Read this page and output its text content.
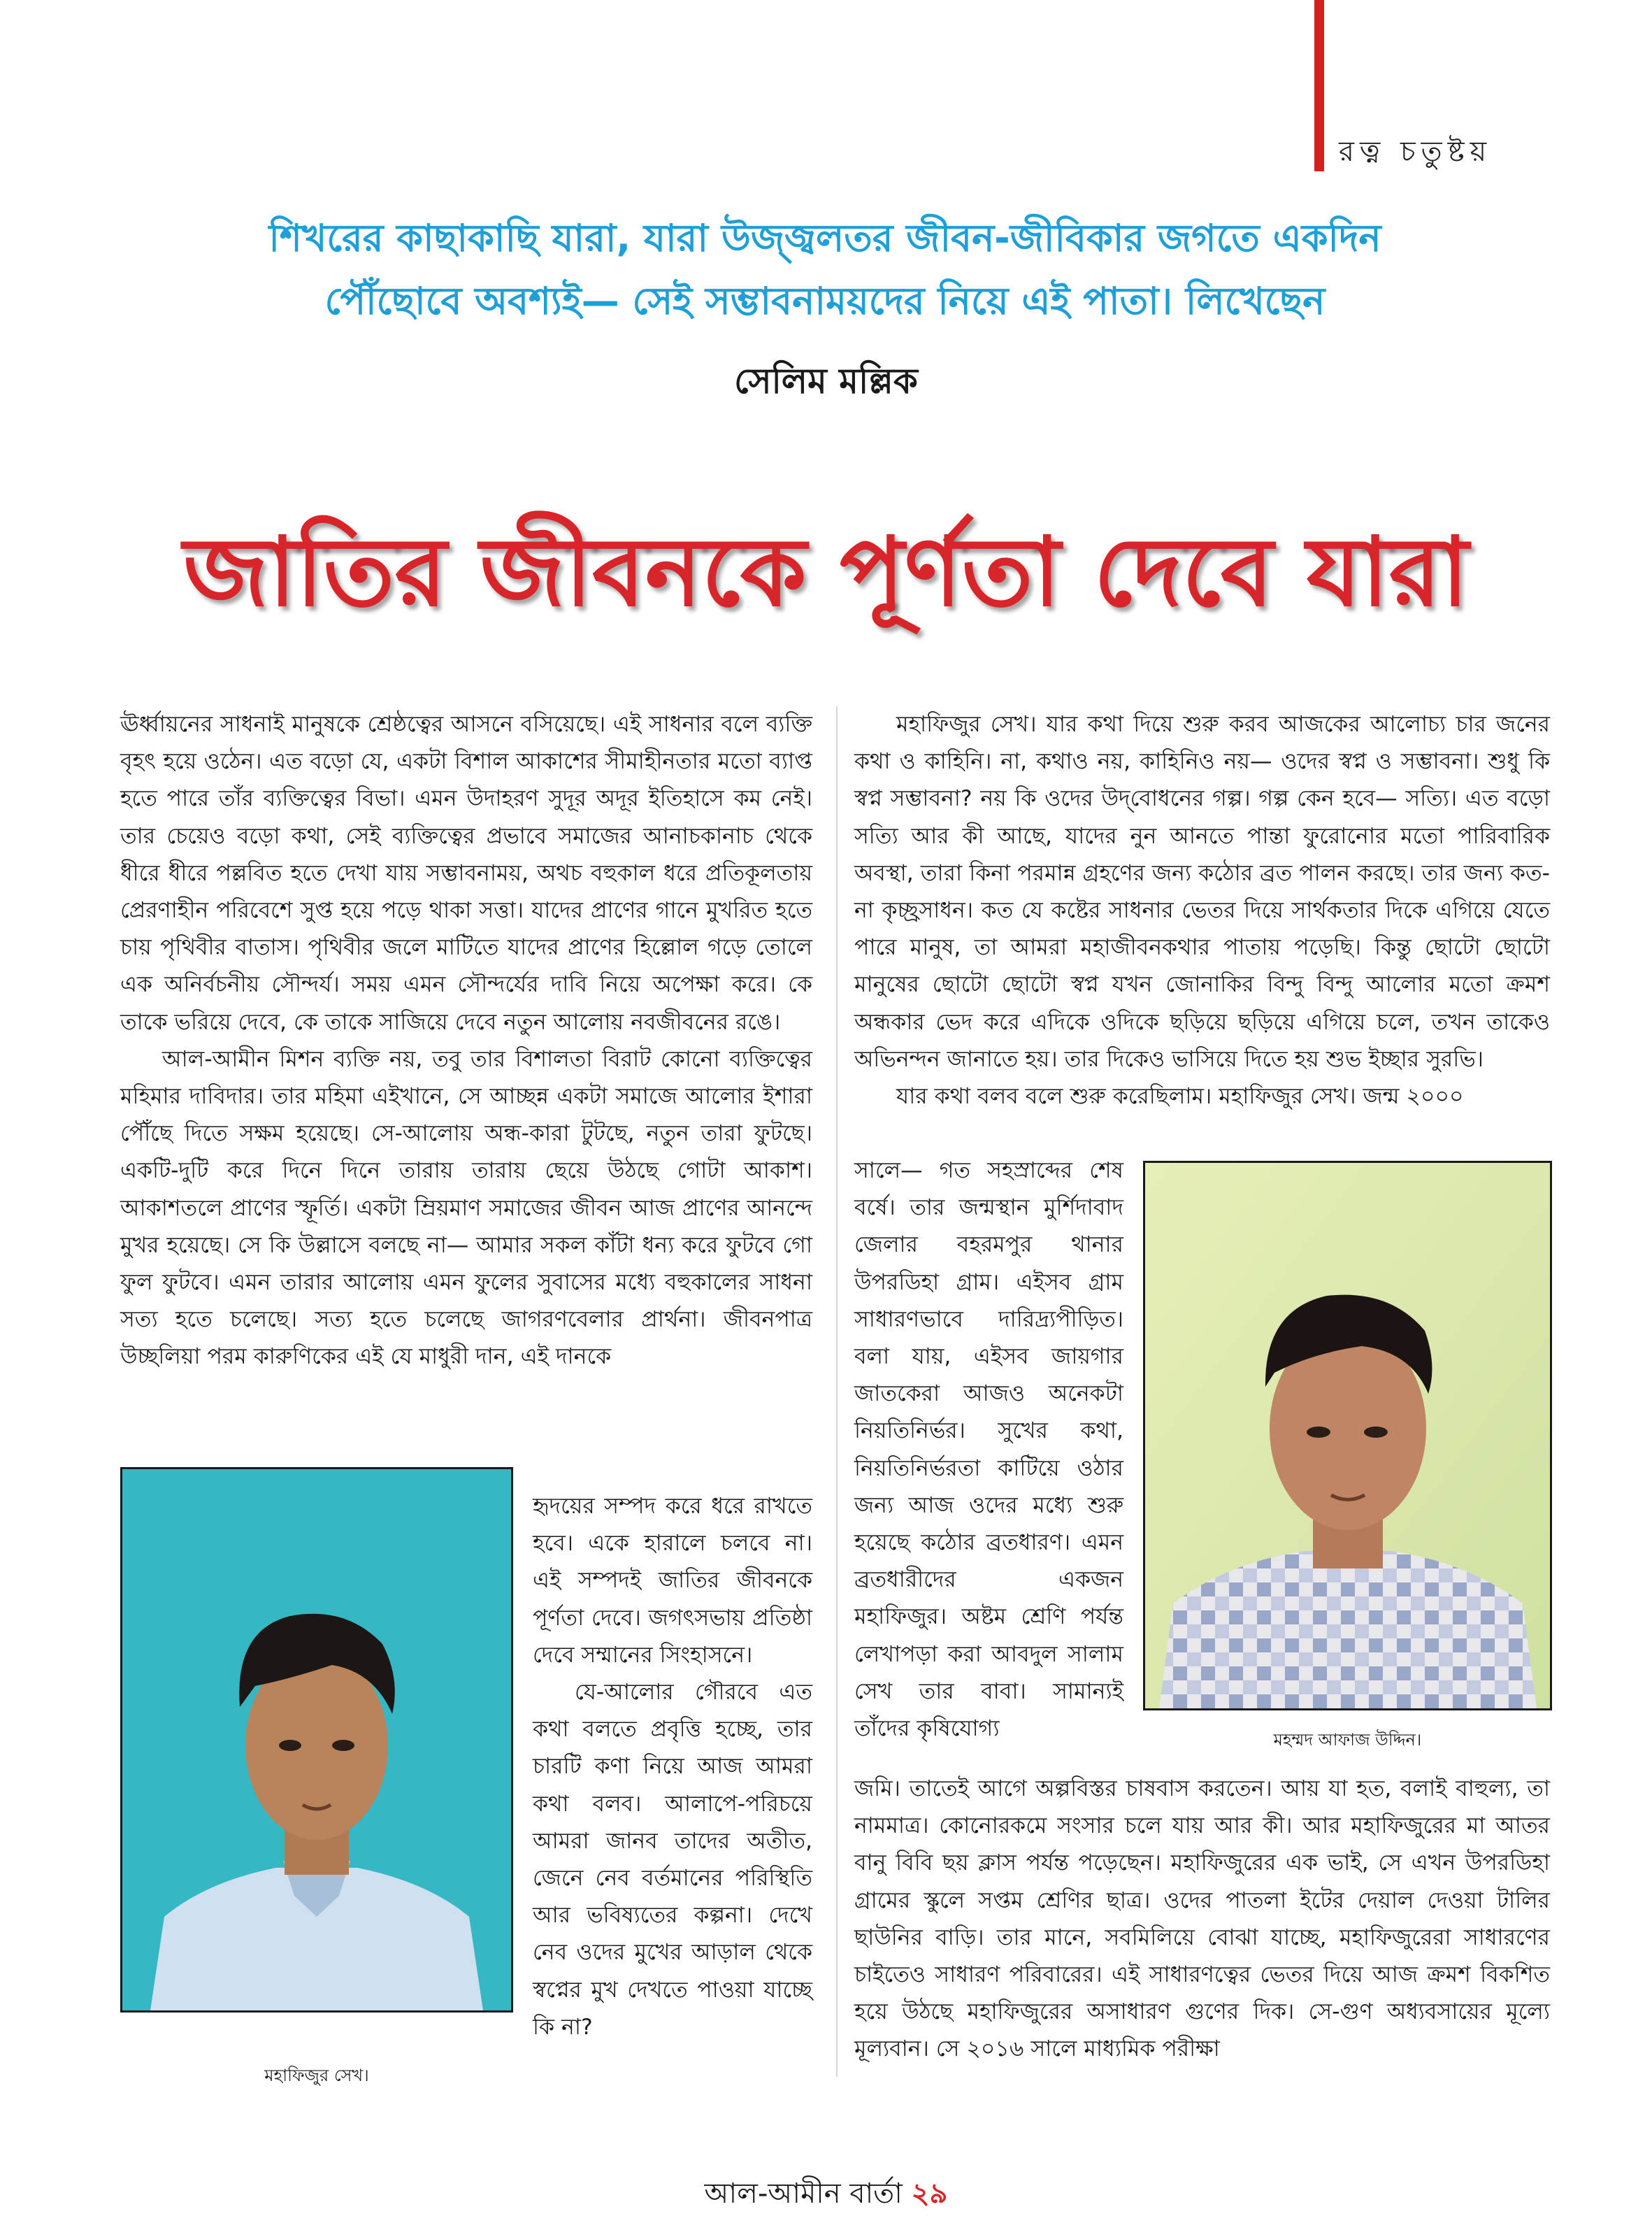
রত্ন চতুষ্টয়
শিখরের কাছাকাছি যারা, যারা উজ্জ্বলতর জীবন-জীবিকার জগতে একদিন
পৌঁছোবে অবশ্যই— সেই সম্ভাবনাময়দের নিয়ে এই পাতা। লিখেছেন
সেলিম মল্লিক
জাতির জীবনকে পূর্ণতা দেবে যারা

ঊর্ধ্বায়নের সাধনাই মানুষকে শ্রেষ্ঠত্বের আসনে বসিয়েছে। এই সাধনার বলে ব্যক্তি বৃহৎ হয়ে ওঠেন। এত বড়ো যে, একটা বিশাল আকাশের সীমাহীনতার মতো ব্যাপ্ত হতে পারে তাঁর ব্যক্তিত্বের বিভা। এমন উদাহরণ সুদূর অদূর ইতিহাসে কম নেই। তার চেয়েও বড়ো কথা, সেই ব্যক্তিত্বের প্রভাবে সমাজের আনাচকানাচ থেকে ধীরে ধীরে পল্লবিত হতে দেখা যায় সম্ভাবনাময়, অথচ বহুকাল ধরে প্রতিকূলতায় প্রেরণাহীন পরিবেশে সুপ্ত হয়ে পড়ে থাকা সত্তা। যাদের প্রাণের গানে মুখরিত হতে চায় পৃথিবীর বাতাস। পৃথিবীর জলে মাটিতে যাদের প্রাণের হিল্লোল গড়ে তোলে এক অনির্বচনীয় সৌন্দর্য। সময় এমন সৌন্দর্যের দাবি নিয়ে অপেক্ষা করে। কে তাকে ভরিয়ে দেবে, কে তাকে সাজিয়ে দেবে নতুন আলোয় নবজীবনের রঙে।

আল-আমীন মিশন ব্যক্তি নয়, তবু তার বিশালতা বিরাট কোনো ব্যক্তিত্বের মহিমার দাবিদার। তার মহিমা এইখানে, সে আচ্ছন্ন একটা সমাজে আলোর ইশারা পৌঁছে দিতে সক্ষম হয়েছে। সে-আলোয় অন্ধ-কারা টুটছে, নতুন তারা ফুটছে। একটি-দুটি করে দিনে দিনে তারায় তারায় ছেয়ে উঠছে গোটা আকাশ। আকাশতলে প্রাণের স্ফূর্তি। একটা ম্রিয়মাণ সমাজের জীবন আজ প্রাণের আনন্দে মুখর হয়েছে। সে কি উল্লাসে বলছে না— আমার সকল কাঁটা ধন্য করে ফুটবে গো ফুল ফুটবে। এমন তারার আলোয় এমন ফুলের সুবাসের মধ্যে বহুকালের সাধনা সত্য হতে চলেছে। সত্য হতে চলেছে জাগরণবেলার প্রার্থনা। জীবনপাত্র উচ্ছলিয়া পরম কারুণিকের এই যে মাধুরী দান, এই দানকে

মহাফিজুর সেখ।

হৃদয়ের সম্পদ করে ধরে রাখতে হবে। একে হারালে চলবে না। এই সম্পদই জাতির জীবনকে পূর্ণতা দেবে। জগৎসভায় প্রতিষ্ঠা দেবে সম্মানের সিংহাসনে।

যে-আলোর গৌরবে এত কথা বলতে প্রবৃত্তি হচ্ছে, তার চারটি কণা নিয়ে আজ আমরা কথা বলব। আলাপে-পরিচয়ে আমরা জানব তাদের অতীত, জেনে নেব বর্তমানের পরিস্থিতি আর ভবিষ্যতের কল্পনা। দেখে নেব ওদের মুখের আড়াল থেকে স্বপ্নের মুখ দেখতে পাওয়া যাচ্ছে কি না?

মহাফিজুর সেখ। যার কথা দিয়ে শুরু করব আজকের আলোচ্য চার জনের কথা ও কাহিনি। না, কথাও নয়, কাহিনিও নয়— ওদের স্বপ্ন ও সম্ভাবনা। শুধু কি স্বপ্ন সম্ভাবনা? নয় কি ওদের উদ্‌বোধনের গল্প। গল্প কেন হবে— সত্যি। এত বড়ো সত্যি আর কী আছে, যাদের নুন আনতে পান্তা ফুরোনোর মতো পারিবারিক অবস্থা, তারা কিনা পরমান্ন গ্রহণের জন্য কঠোর ব্রত পালন করছে। তার জন্য কত-না কৃচ্ছ্রসাধন। কত যে কষ্টের সাধনার ভেতর দিয়ে সার্থকতার দিকে এগিয়ে যেতে পারে মানুষ, তা আমরা মহাজীবনকথার পাতায় পড়েছি। কিন্তু ছোটো ছোটো মানুষের ছোটো ছোটো স্বপ্ন যখন জোনাকির বিন্দু বিন্দু আলোর মতো ক্রমশ অন্ধকার ভেদ করে এদিকে ওদিকে ছড়িয়ে ছড়িয়ে এগিয়ে চলে, তখন তাকেও অভিনন্দন জানাতে হয়। তার দিকেও ভাসিয়ে দিতে হয় শুভ ইচ্ছার সুরভি।

যার কথা বলব বলে শুরু করেছিলাম। মহাফিজুর সেখ। জন্ম ২০০০

সালে— গত সহস্রাব্দের শেষ বর্ষে। তার জন্মস্থান মুর্শিদাবাদ জেলার বহরমপুর থানার উপরডিহা গ্রাম। এইসব গ্রাম সাধারণভাবে দারিদ্র্যপীড়িত। বলা যায়, এইসব জায়গার জাতকেরা আজও অনেকটা নিয়তিনির্ভর। সুখের কথা, নিয়তিনির্ভরতা কাটিয়ে ওঠার জন্য আজ ওদের মধ্যে শুরু হয়েছে কঠোর ব্রতধারণ। এমন ব্রতধারীদের একজন মহাফিজুর। অষ্টম শ্রেণি পর্যন্ত লেখাপড়া করা আবদুল সালাম সেখ তার বাবা। সামান্যই তাঁদের কৃষিযোগ্য	মহম্মদ আফাজ উদ্দিন।

জমি। তাতেই আগে অল্পবিস্তর চাষবাস করতেন। আয় যা হত, বলাই বাহুল্য, তা নামমাত্র। কোনোরকমে সংসার চলে যায় আর কী। আর মহাফিজুরের মা আতর বানু বিবি ছয় ক্লাস পর্যন্ত পড়েছেন। মহাফিজুরের এক ভাই, সে এখন উপরডিহা গ্রামের স্কুলে সপ্তম শ্রেণির ছাত্র। ওদের পাতলা ইটের দেয়াল দেওয়া টালির ছাউনির বাড়ি। তার মানে, সবমিলিয়ে বোঝা যাচ্ছে, মহাফিজুরেরা সাধারণের চাইতেও সাধারণ পরিবারের। এই সাধারণত্বের ভেতর দিয়ে আজ ক্রমশ বিকশিত হয়ে উঠছে মহাফিজুরের অসাধারণ গুণের দিক। সে-গুণ অধ্যবসায়ের মূল্যে মূল্যবান। সে ২০১৬ সালে মাধ্যমিক পরীক্ষা

আল-আমীন বার্তা ২৯
